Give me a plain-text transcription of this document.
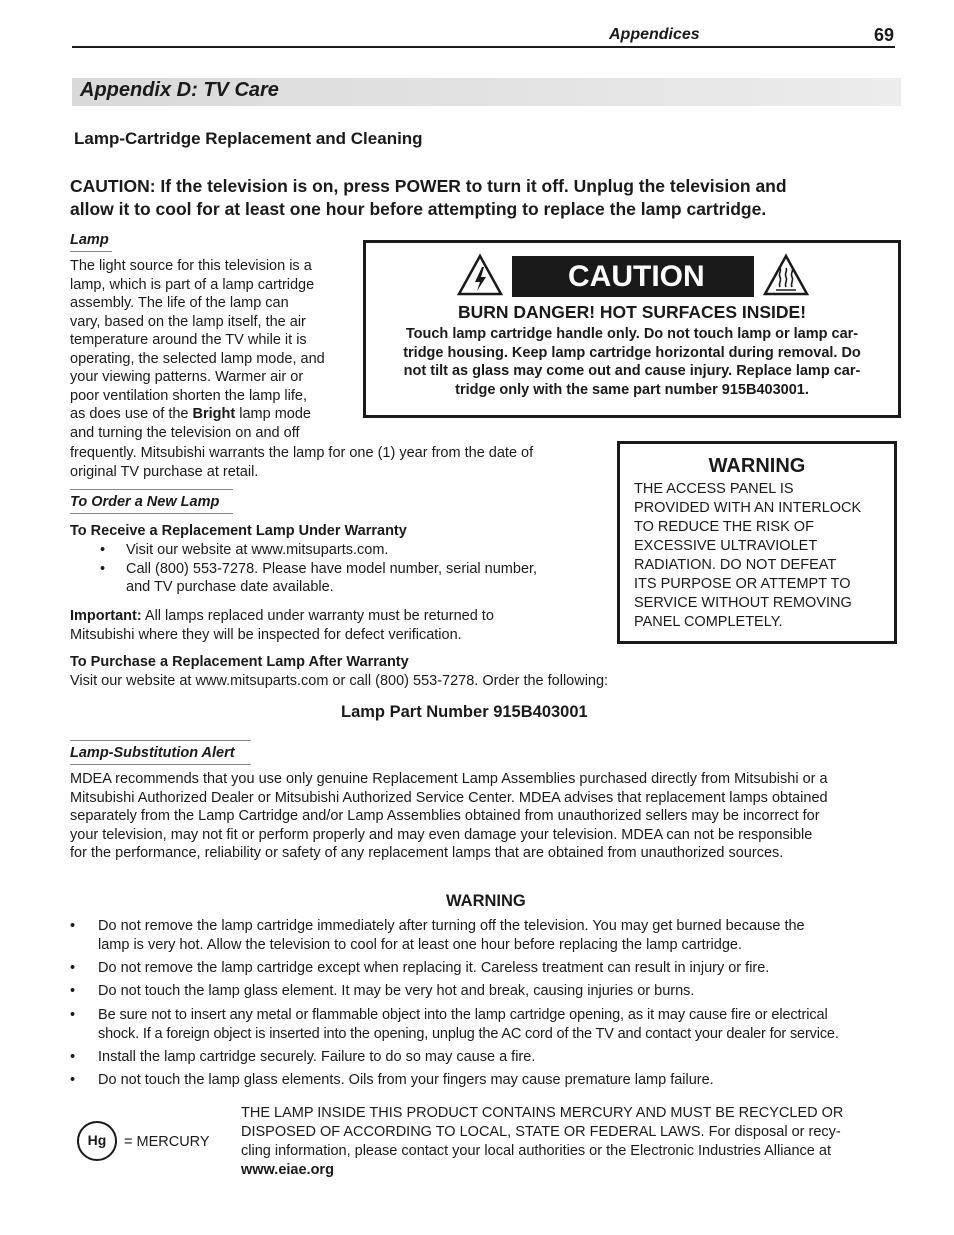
Appendices	69
Appendix D: TV Care
Lamp-Cartridge Replacement and Cleaning
CAUTION: If the television is on, press POWER to turn it off. Unplug the television and
allow it to cool for at least one hour before attempting to replace the lamp cartridge.
Lamp
The light source for this television is a
lamp, which is part of a lamp cartridge
assembly. The life of the lamp can
vary, based on the lamp itself, the air
temperature around the TV while it is
operating, the selected lamp mode, and
your viewing patterns. Warmer air or
poor ventilation shorten the lamp life,
as does use of the Bright lamp mode
and turning the television on and off
frequently. Mitsubishi warrants the lamp for one (1) year from the date of
original TV purchase at retail.
CAUTION
BURN DANGER! HOT SURFACES INSIDE!
Touch lamp cartridge handle only. Do not touch lamp or lamp car-
tridge housing. Keep lamp cartridge horizontal during removal. Do
not tilt as glass may come out and cause injury. Replace lamp car-
tridge only with the same part number 915B403001.
WARNING
THE ACCESS PANEL IS
PROVIDED WITH AN INTERLOCK
TO REDUCE THE RISK OF
EXCESSIVE ULTRAVIOLET
RADIATION. DO NOT DEFEAT
ITS PURPOSE OR ATTEMPT TO
SERVICE WITHOUT REMOVING
PANEL COMPLETELY.
To Order a New Lamp
To Receive a Replacement Lamp Under Warranty
• Visit our website at www.mitsuparts.com.
• Call (800) 553-7278. Please have model number, serial number,
and TV purchase date available.
Important: All lamps replaced under warranty must be returned to
Mitsubishi where they will be inspected for defect verification.
To Purchase a Replacement Lamp After Warranty
Visit our website at www.mitsuparts.com or call (800) 553-7278. Order the following:
Lamp Part Number 915B403001
Lamp-Substitution Alert
MDEA recommends that you use only genuine Replacement Lamp Assemblies purchased directly from Mitsubishi or a
Mitsubishi Authorized Dealer or Mitsubishi Authorized Service Center. MDEA advises that replacement lamps obtained
separately from the Lamp Cartridge and/or Lamp Assemblies obtained from unauthorized sellers may be incorrect for
your television, may not fit or perform properly and may even damage your television. MDEA can not be responsible
for the performance, reliability or safety of any replacement lamps that are obtained from unauthorized sources.
WARNING
•	Do not remove the lamp cartridge immediately after turning off the television. You may get burned because the
lamp is very hot. Allow the television to cool for at least one hour before replacing the lamp cartridge.
•	Do not remove the lamp cartridge except when replacing it. Careless treatment can result in injury or fire.
•	Do not touch the lamp glass element. It may be very hot and break, causing injuries or burns.
•	Be sure not to insert any metal or flammable object into the lamp cartridge opening, as it may cause fire or electrical
shock. If a foreign object is inserted into the opening, unplug the AC cord of the TV and contact your dealer for service.
•	Install the lamp cartridge securely. Failure to do so may cause a fire.
•	Do not touch the lamp glass elements. Oils from your fingers may cause premature lamp failure.
Hg	= MERCURY
THE LAMP INSIDE THIS PRODUCT CONTAINS MERCURY AND MUST BE RECYCLED OR
DISPOSED OF ACCORDING TO LOCAL, STATE OR FEDERAL LAWS. For disposal or recy-
cling information, please contact your local authorities or the Electronic Industries Alliance at
www.eiae.org
